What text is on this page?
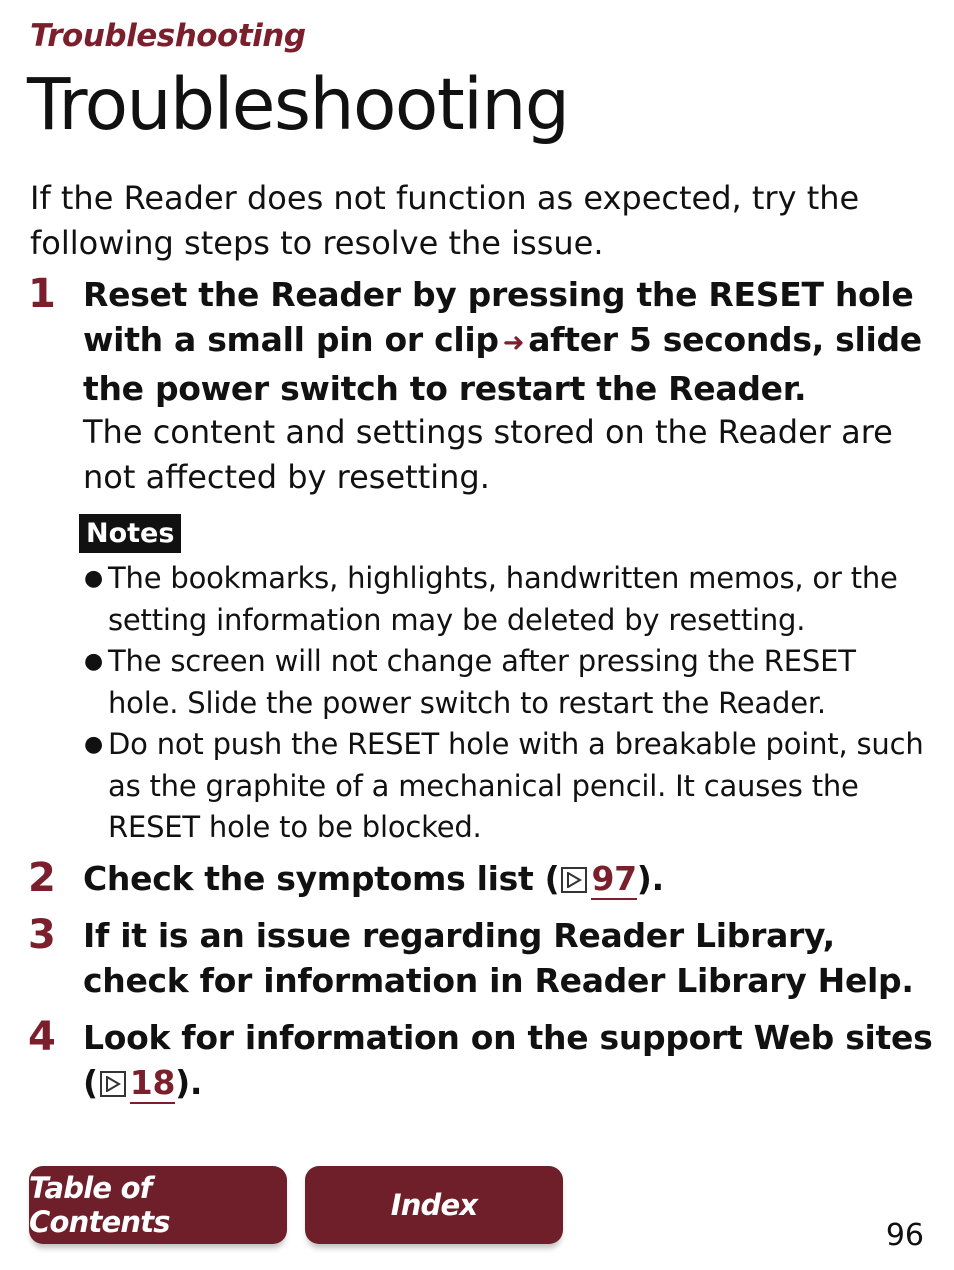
Troubleshooting
Troubleshooting

If the Reader does not function as expected, try the following steps to resolve the issue.

1 Reset the Reader by pressing the RESET hole with a small pin or clip ➜ after 5 seconds, slide the power switch to restart the Reader.
The content and settings stored on the Reader are not affected by resetting.
Notes
● The bookmarks, highlights, handwritten memos, or the setting information may be deleted by resetting.
● The screen will not change after pressing the RESET hole. Slide the power switch to restart the Reader.
● Do not push the RESET hole with a breakable point, such as the graphite of a mechanical pencil. It causes the RESET hole to be blocked.
2 Check the symptoms list ( 97).
3 If it is an issue regarding Reader Library, check for information in Reader Library Help.
4 Look for information on the support Web sites ( 18).
Table of Contents	Index
96
